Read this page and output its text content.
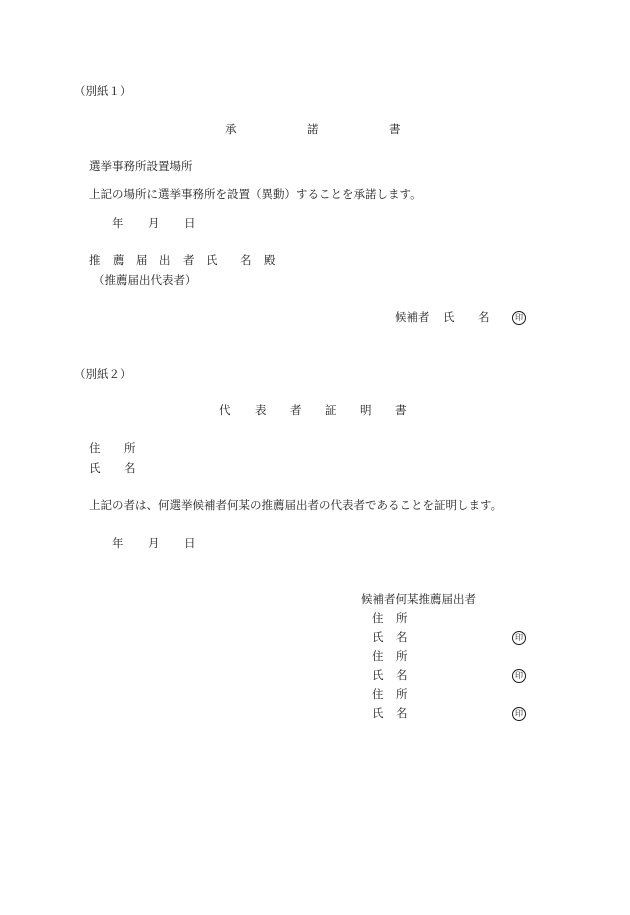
（別紙１）
承	諾	書
選挙事務所設置場所
上記の場所に選挙事務所を設置（異動）することを承諾します。
年 月 日
推 薦 届 出 者 氏 名 殿
（推薦届出代表者）
候補者 氏 名	印
（別紙２）
代 表 者 証 明 書
住 所
氏 名
上記の者は、何選挙候補者何某の推薦届出者の代表者であることを証明します。
年 月 日
候補者何某推薦届出者
住 所
氏 名	印
住 所
氏 名	印
住 所
氏 名	印
